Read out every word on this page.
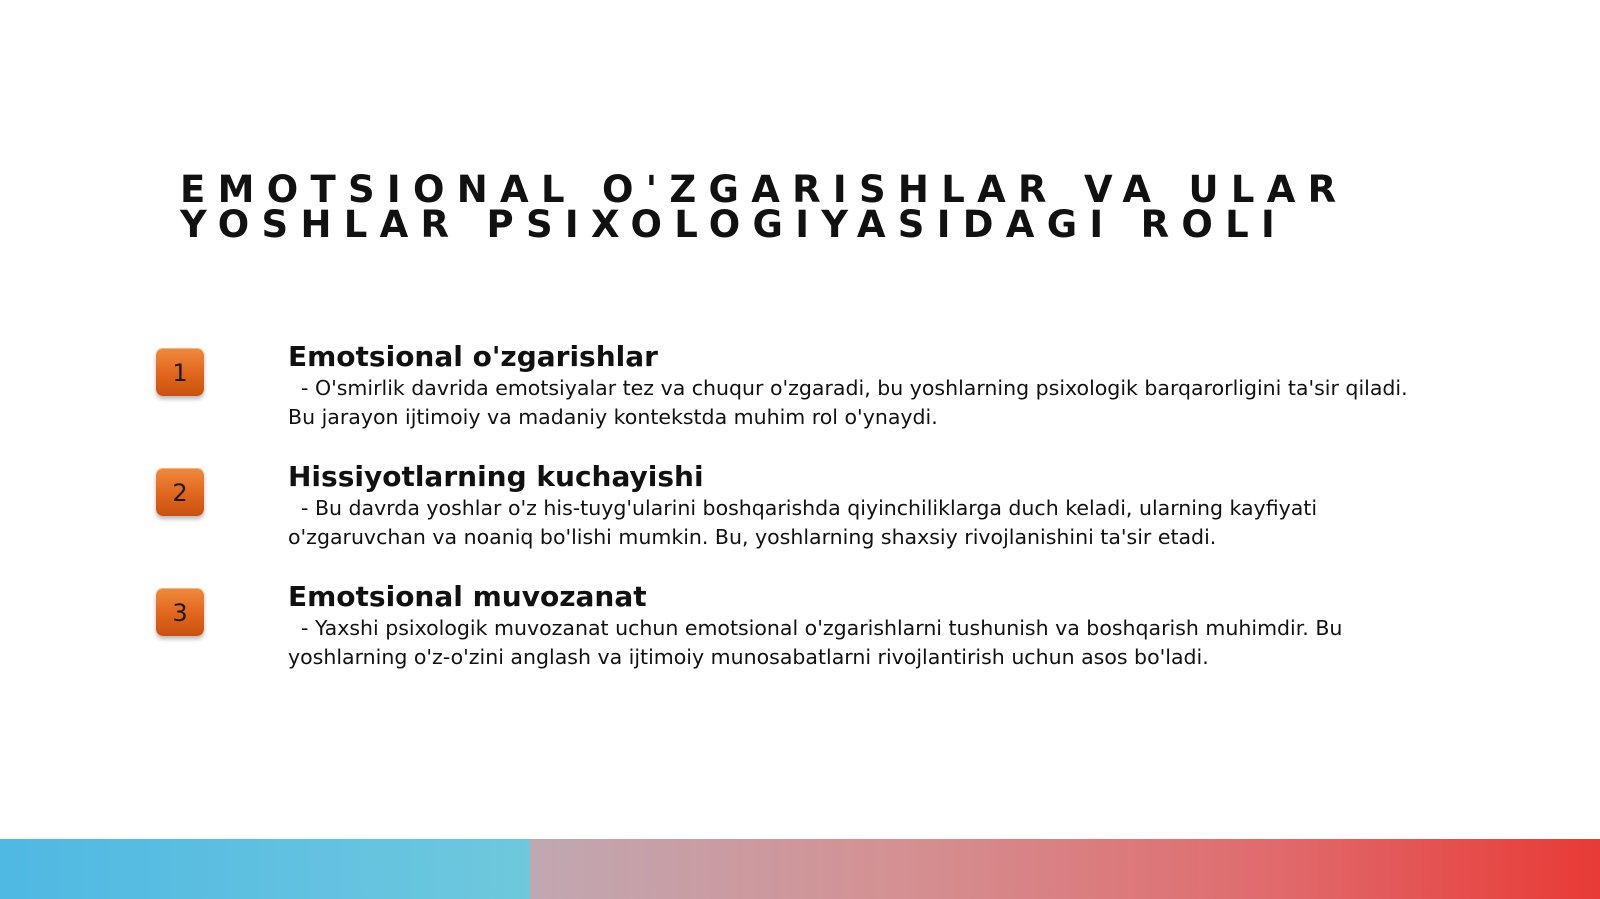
EMOTSIONAL O'ZGARISHLAR VA ULAR
YOSHLAR PSIXOLOGIYASIDAGI ROLI
1	Emotsional o'zgarishlar

- O'smirlik davrida emotsiyalar tez va chuqur o'zgaradi, bu yoshlarning psixologik barqarorligini ta'sir qiladi. Bu jarayon ijtimoiy va madaniy kontekstda muhim rol o'ynaydi.

2	Hissiyotlarning kuchayishi

- Bu davrda yoshlar o'z his-tuyg'ularini boshqarishda qiyinchiliklarga duch keladi, ularning kayfiyati o'zgaruvchan va noaniq bo'lishi mumkin. Bu, yoshlarning shaxsiy rivojlanishini ta'sir etadi.

3	Emotsional muvozanat

- Yaxshi psixologik muvozanat uchun emotsional o'zgarishlarni tushunish va boshqarish muhimdir. Bu yoshlarning o'z-o'zini anglash va ijtimoiy munosabatlarni rivojlantirish uchun asos bo'ladi.
